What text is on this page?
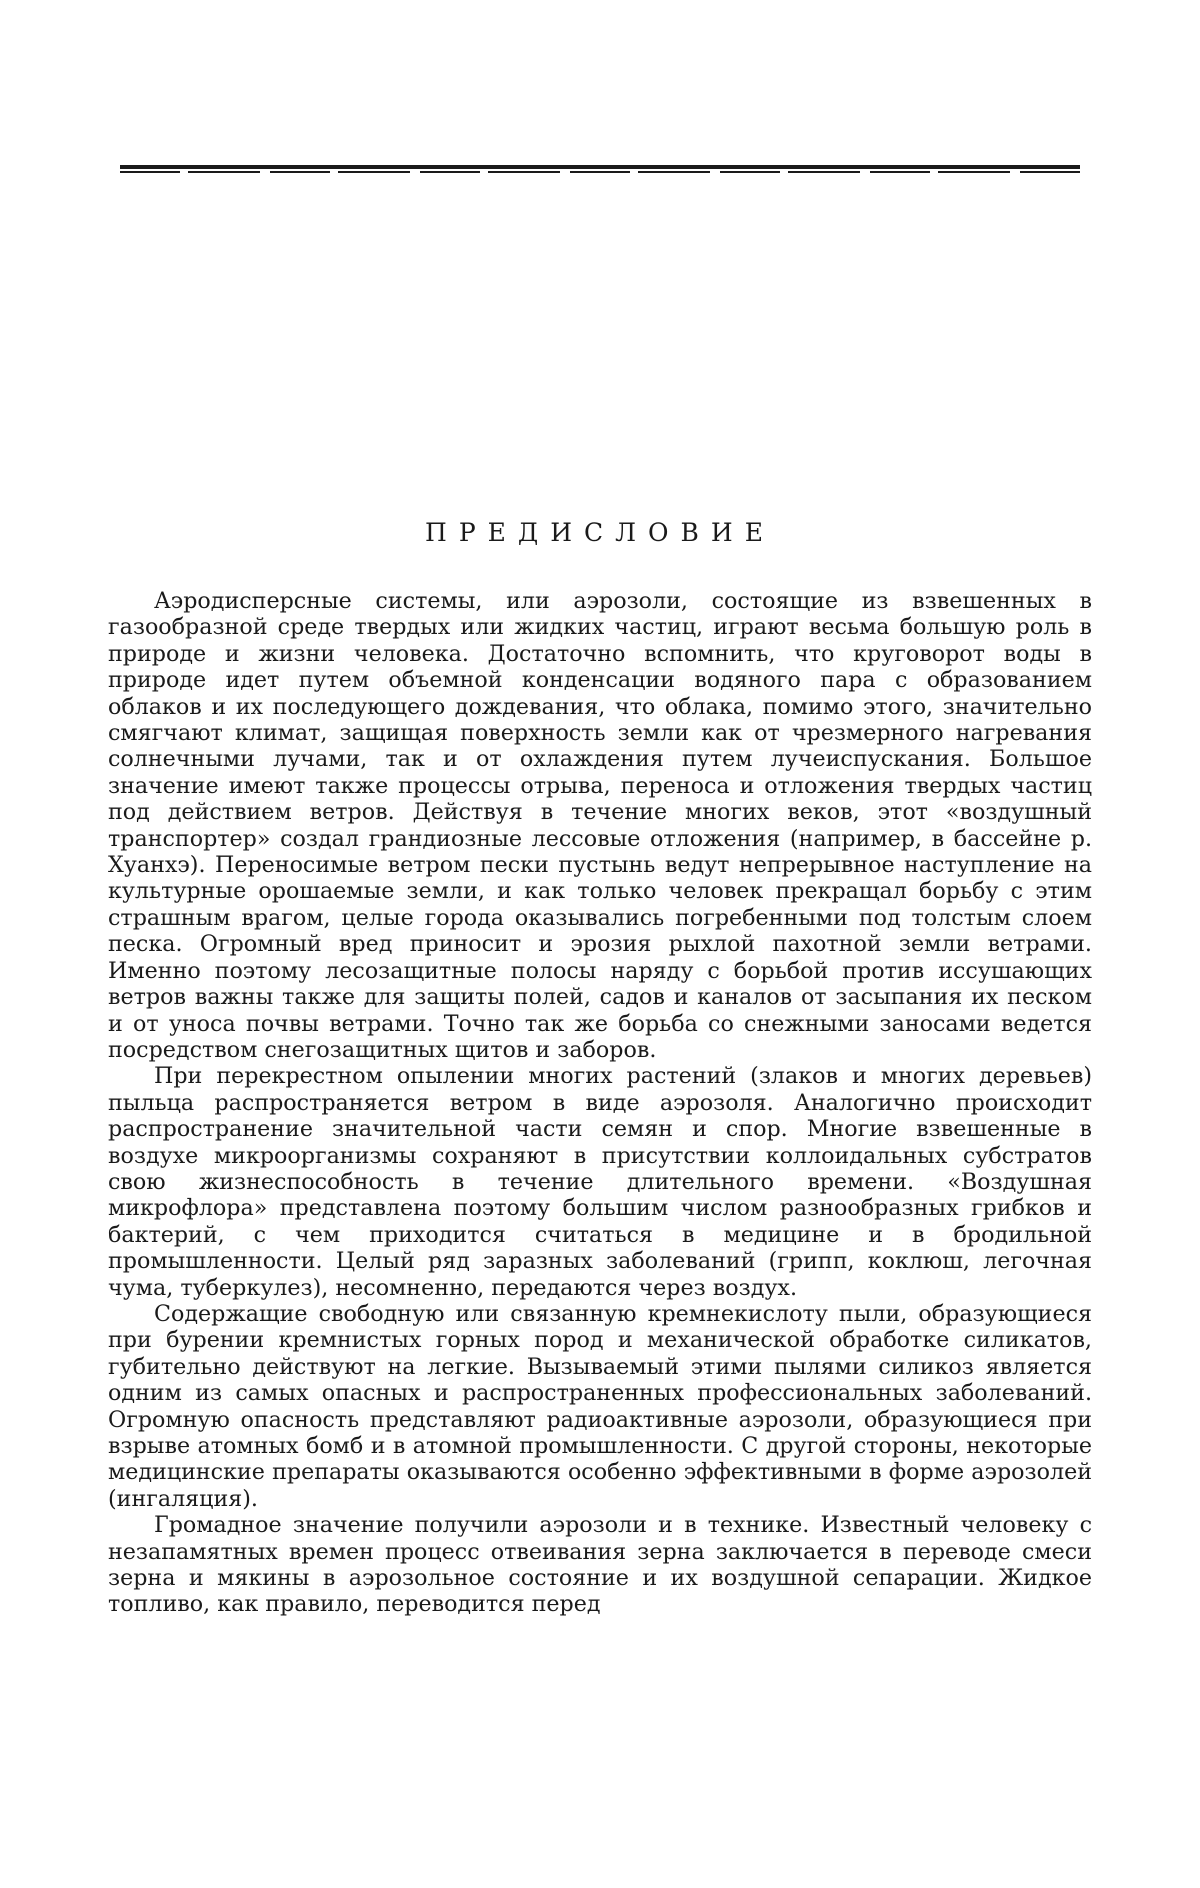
ПРЕДИСЛОВИЕ

Аэродисперсные системы, или аэрозоли, состоящие из взвешенных в газообразной среде твердых или жидких частиц, играют весьма большую роль в природе и жизни человека. Достаточно вспомнить, что круговорот воды в природе идет путем объемной конденсации водяного пара с образованием облаков и их последующего дождевания, что облака, помимо этого, значительно смягчают климат, защищая поверхность земли как от чрезмерного нагревания солнечными лучами, так и от охлаждения путем лучеиспускания. Большое значение имеют также процессы отрыва, переноса и отложения твердых частиц под действием ветров. Действуя в течение многих веков, этот «воздушный транспортер» создал грандиозные лессовые отложения (например, в бассейне р. Хуанхэ). Переносимые ветром пески пустынь ведут непрерывное наступление на культурные орошаемые земли, и как только человек прекращал борьбу с этим страшным врагом, целые города оказывались погребенными под толстым слоем песка. Огромный вред приносит и эрозия рыхлой пахотной земли ветрами. Именно поэтому лесозащитные полосы наряду с борьбой против иссушающих ветров важны также для защиты полей, садов и каналов от засыпания их песком и от уноса почвы ветрами. Точно так же борьба со снежными заносами ведется посредством снегозащитных щитов и заборов.

При перекрестном опылении многих растений (злаков и многих деревьев) пыльца распространяется ветром в виде аэрозоля. Аналогично происходит распространение значительной части семян и спор. Многие взвешенные в воздухе микроорганизмы сохраняют в присутствии коллоидальных субстратов свою жизнеспособность в течение длительного времени. «Воздушная микрофлора» представлена поэтому большим числом разнообразных грибков и бактерий, с чем приходится считаться в медицине и в бродильной промышленности. Целый ряд заразных заболеваний (грипп, коклюш, легочная чума, туберкулез), несомненно, передаются через воздух.

Содержащие свободную или связанную кремнекислоту пыли, образующиеся при бурении кремнистых горных пород и механической обработке силикатов, губительно действуют на легкие. Вызываемый этими пылями силикоз является одним из самых опасных и распространенных профессиональных заболеваний. Огромную опасность представляют радиоактивные аэрозоли, образующиеся при взрыве атомных бомб и в атомной промышленности. С другой стороны, некоторые медицинские препараты оказываются особенно эффективными в форме аэрозолей (ингаляция).

Громадное значение получили аэрозоли и в технике. Известный человеку с незапамятных времен процесс отвеивания зерна заключается в переводе смеси зерна и мякины в аэрозольное состояние и их воздушной сепарации. Жидкое топливо, как правило, переводится перед
